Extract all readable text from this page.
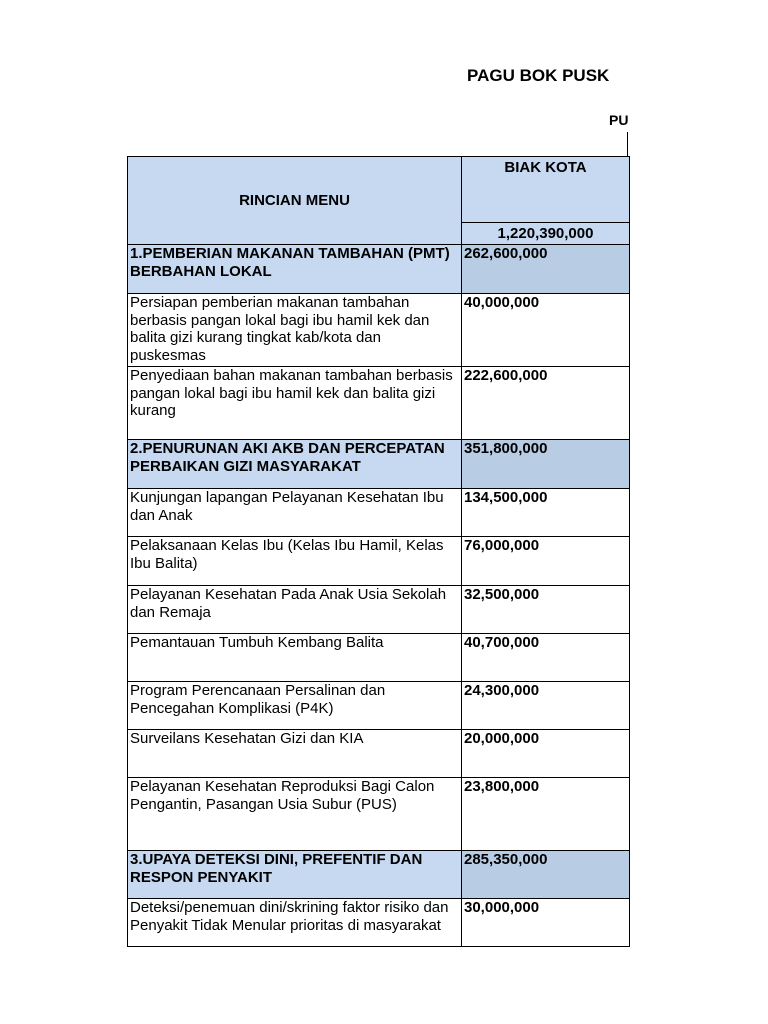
PAGU BOK PUSK
PU
RINCIAN MENU	BIAK KOTA
	1,220,390,000

1.PEMBERIAN MAKANAN TAMBAHAN (PMT) BERBAHAN LOKAL	262,600,000

Persiapan pemberian makanan tambahan berbasis pangan lokal bagi ibu hamil kek dan balita gizi kurang tingkat kab/kota dan puskesmas	40,000,000

Penyediaan bahan makanan tambahan berbasis pangan lokal bagi ibu hamil kek dan balita gizi kurang	222,600,000

2.PENURUNAN AKI AKB DAN PERCEPATAN PERBAIKAN GIZI MASYARAKAT	351,800,000

Kunjungan lapangan Pelayanan Kesehatan Ibu dan Anak	134,500,000

Pelaksanaan Kelas Ibu (Kelas Ibu Hamil, Kelas Ibu Balita)	76,000,000

Pelayanan Kesehatan Pada Anak Usia Sekolah dan Remaja	32,500,000

Pemantauan Tumbuh Kembang Balita	40,700,000

Program Perencanaan Persalinan dan Pencegahan Komplikasi (P4K)	24,300,000

Surveilans Kesehatan Gizi dan KIA	20,000,000

Pelayanan Kesehatan Reproduksi Bagi Calon Pengantin, Pasangan Usia Subur (PUS)	23,800,000

3.UPAYA DETEKSI DINI, PREFENTIF DAN RESPON PENYAKIT	285,350,000

Deteksi/penemuan dini/skrining faktor risiko dan Penyakit Tidak Menular prioritas di masyarakat	30,000,000
